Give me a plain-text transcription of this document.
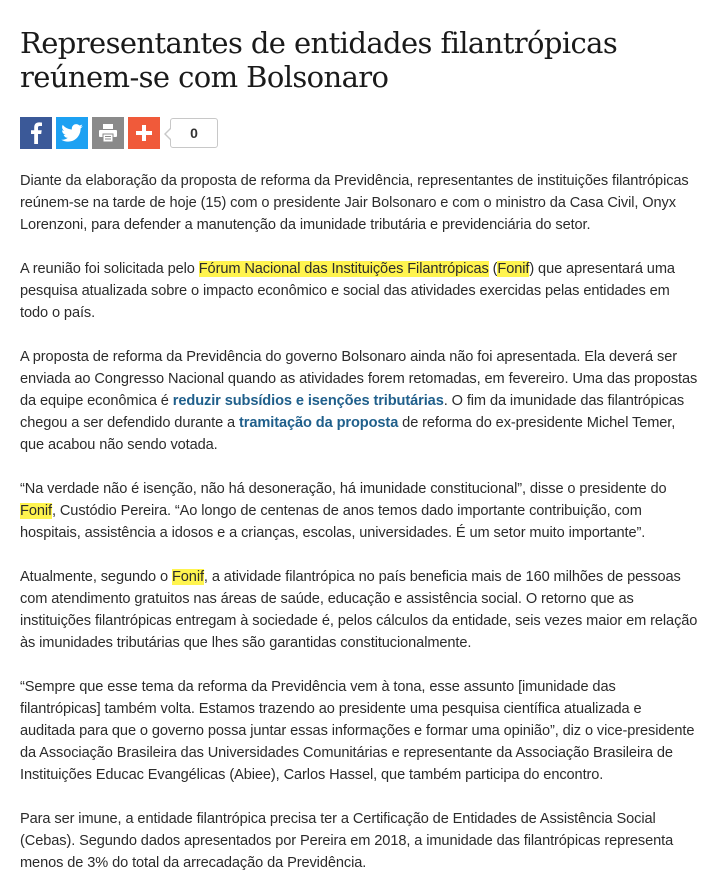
Representantes de entidades filantrópicas
reúnem-se com Bolsonaro
0

Diante da elaboração da proposta de reforma da Previdência, representantes de instituições filantrópicas reúnem-se na tarde de hoje (15) com o presidente Jair Bolsonaro e com o ministro da Casa Civil, Onyx Lorenzoni, para defender a manutenção da imunidade tributária e previdenciária do setor.

A reunião foi solicitada pelo Fórum Nacional das Instituições Filantrópicas (Fonif) que apresentará uma pesquisa atualizada sobre o impacto econômico e social das atividades exercidas pelas entidades em todo o país.

A proposta de reforma da Previdência do governo Bolsonaro ainda não foi apresentada. Ela deverá ser enviada ao Congresso Nacional quando as atividades forem retomadas, em fevereiro. Uma das propostas da equipe econômica é reduzir subsídios e isenções tributárias. O fim da imunidade das filantrópicas chegou a ser defendido durante a tramitação da proposta de reforma do ex-presidente Michel Temer, que acabou não sendo votada.

“Na verdade não é isenção, não há desoneração, há imunidade constitucional”, disse o presidente do Fonif, Custódio Pereira. “Ao longo de centenas de anos temos dado importante contribuição, com hospitais, assistência a idosos e a crianças, escolas, universidades. É um setor muito importante”.

Atualmente, segundo o Fonif, a atividade filantrópica no país beneficia mais de 160 milhões de pessoas com atendimento gratuitos nas áreas de saúde, educação e assistência social. O retorno que as instituições filantrópicas entregam à sociedade é, pelos cálculos da entidade, seis vezes maior em relação às imunidades tributárias que lhes são garantidas constitucionalmente.

“Sempre que esse tema da reforma da Previdência vem à tona, esse assunto [imunidade das filantrópicas] também volta. Estamos trazendo ao presidente uma pesquisa científica atualizada e auditada para que o governo possa juntar essas informações e formar uma opinião”, diz o vice-presidente da Associação Brasileira das Universidades Comunitárias e representante da Associação Brasileira de Instituições Educac Evangélicas (Abiee), Carlos Hassel, que também participa do encontro.

Para ser imune, a entidade filantrópica precisa ter a Certificação de Entidades de Assistência Social (Cebas). Segundo dados apresentados por Pereira em 2018, a imunidade das filantrópicas representa menos de 3% do total da arrecadação da Previdência.
